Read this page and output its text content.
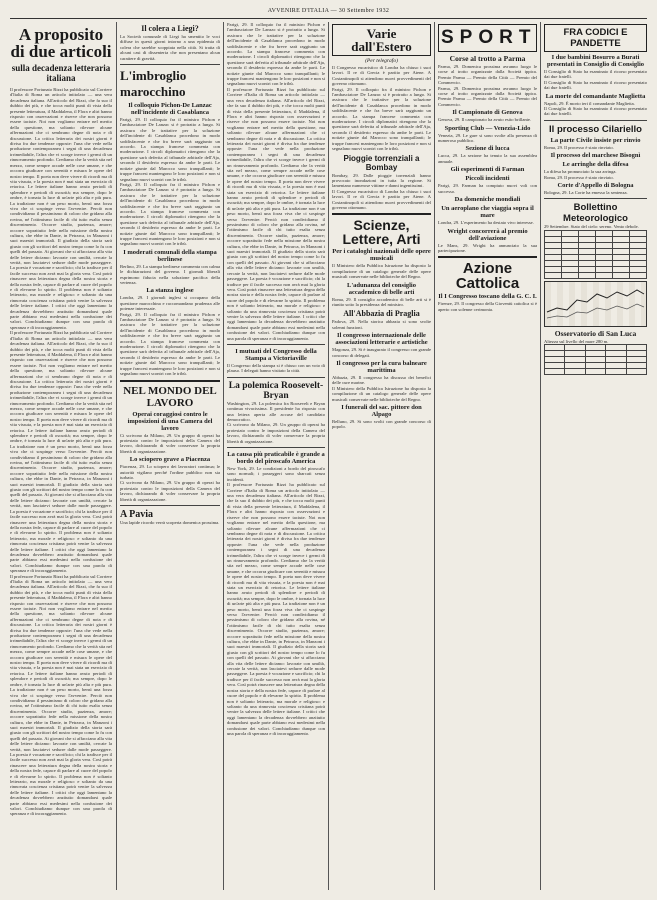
AVVENIRE D'ITALIA — 30 Settembre 1932
A proposito di due articoli
sulla decadenza letteraria italiana

Il professore Fortunato Rizzi ha pubblicato sul Corriere d'Italia di Roma un articolo intitolato — una vera decadenza italiana. All'articolo del Rizzi, che fa suo il dubbio dei più, e che tocca molti punti di vista della presente letteratura, il Maddalena, il Flora e altri hanno risposto con osservazioni e riserve che non possono essere taciute. Noi non vogliamo entrare nel merito della questione, ma soltanto rilevare alcune affermazioni che ci sembrano degne di nota e di discussione. La critica letteraria dei nostri giorni è divisa fra due tendenze opposte: l'una che vede nella produzione contemporanea i segni di una decadenza irrimediabile, l'altra che vi scorge invece i germi di un rinnovamento profondo. Crediamo che la verità stia nel mezzo, come sempre accade nelle cose umane, e che occorra giudicare con serenità e misura le opere del nostro tempo. Il poeta non deve vivere di ricordi ma di vita vissuta, e la poesia non è mai stata un esercizio di retorica. Le lettere italiane hanno avuto periodi di splendore e periodi di oscurità; ma sempre, dopo le ombre, è tornata la luce di un'arte più alta e più pura. La tradizione non è un peso morto, bensì una forza viva che ci sospinge verso l'avvenire. Perciò non condividiamo il pessimismo di coloro che gridano alla rovina, né l'ottimismo facile di chi tutto esalta senza discernimento. Occorre studio, pazienza, amore; occorre soprattutto fede nella missione della nostra cultura, che ebbe in Dante, in Petrarca, in Manzoni i suoi maestri immortali. Il giudizio della storia sarà giusto con gli scrittori del nostro tempo come lo fu con quelli del passato. Ai giovani che si affacciano alla vita delle lettere diciamo: lavorate con umiltà, cercate la verità, non lasciatevi sedurre dalle mode passeggere. La poesia è vocazione e sacrificio; chi la tradisce per il facile successo non avrà mai la gloria vera. Così potrà rinascere una letteratura degna della nostra storia e della nostra fede, capace di parlare al cuore del popolo e di elevarne lo spirito. Il problema non è soltanto letterario, ma morale e religioso: e soltanto da una rinnovata coscienza cristiana potrà venire la salvezza delle lettere italiane. I critici che oggi lamentano la decadenza dovrebbero anzitutto domandarsi quale parte abbiano essi medesimi nella confusione dei valori. Conchiudiamo dunque con una parola di speranza e di incoraggiamento.

Il professore Fortunato Rizzi ha pubblicato sul Corriere d'Italia di Roma un articolo intitolato — una vera decadenza italiana. All'articolo del Rizzi, che fa suo il dubbio dei più, e che tocca molti punti di vista della presente letteratura, il Maddalena, il Flora e altri hanno risposto con osservazioni e riserve che non possono essere taciute. Noi non vogliamo entrare nel merito della questione, ma soltanto rilevare alcune affermazioni che ci sembrano degne di nota e di discussione. La critica letteraria dei nostri giorni è divisa fra due tendenze opposte: l'una che vede nella produzione contemporanea i segni di una decadenza irrimediabile, l'altra che vi scorge invece i germi di un rinnovamento profondo. Crediamo che la verità stia nel mezzo, come sempre accade nelle cose umane, e che occorra giudicare con serenità e misura le opere del nostro tempo. Il poeta non deve vivere di ricordi ma di vita vissuta, e la poesia non è mai stata un esercizio di retorica. Le lettere italiane hanno avuto periodi di splendore e periodi di oscurità; ma sempre, dopo le ombre, è tornata la luce di un'arte più alta e più pura. La tradizione non è un peso morto, bensì una forza viva che ci sospinge verso l'avvenire. Perciò non condividiamo il pessimismo di coloro che gridano alla rovina, né l'ottimismo facile di chi tutto esalta senza discernimento. Occorre studio, pazienza, amore; occorre soprattutto fede nella missione della nostra cultura, che ebbe in Dante, in Petrarca, in Manzoni i suoi maestri immortali. Il giudizio della storia sarà giusto con gli scrittori del nostro tempo come lo fu con quelli del passato. Ai giovani che si affacciano alla vita delle lettere diciamo: lavorate con umiltà, cercate la verità, non lasciatevi sedurre dalle mode passeggere. La poesia è vocazione e sacrificio; chi la tradisce per il facile successo non avrà mai la gloria vera. Così potrà rinascere una letteratura degna della nostra storia e della nostra fede, capace di parlare al cuore del popolo e di elevarne lo spirito. Il problema non è soltanto letterario, ma morale e religioso: e soltanto da una rinnovata coscienza cristiana potrà venire la salvezza delle lettere italiane. I critici che oggi lamentano la decadenza dovrebbero anzitutto domandarsi quale parte abbiano essi medesimi nella confusione dei valori. Conchiudiamo dunque con una parola di speranza e di incoraggiamento.

Il professore Fortunato Rizzi ha pubblicato sul Corriere d'Italia di Roma un articolo intitolato — una vera decadenza italiana. All'articolo del Rizzi, che fa suo il dubbio dei più, e che tocca molti punti di vista della presente letteratura, il Maddalena, il Flora e altri hanno risposto con osservazioni e riserve che non possono essere taciute. Noi non vogliamo entrare nel merito della questione, ma soltanto rilevare alcune affermazioni che ci sembrano degne di nota e di discussione. La critica letteraria dei nostri giorni è divisa fra due tendenze opposte: l'una che vede nella produzione contemporanea i segni di una decadenza irrimediabile, l'altra che vi scorge invece i germi di un rinnovamento profondo. Crediamo che la verità stia nel mezzo, come sempre accade nelle cose umane, e che occorra giudicare con serenità e misura le opere del nostro tempo. Il poeta non deve vivere di ricordi ma di vita vissuta, e la poesia non è mai stata un esercizio di retorica. Le lettere italiane hanno avuto periodi di splendore e periodi di oscurità; ma sempre, dopo le ombre, è tornata la luce di un'arte più alta e più pura. La tradizione non è un peso morto, bensì una forza viva che ci sospinge verso l'avvenire. Perciò non condividiamo il pessimismo di coloro che gridano alla rovina, né l'ottimismo facile di chi tutto esalta senza discernimento. Occorre studio, pazienza, amore; occorre soprattutto fede nella missione della nostra cultura, che ebbe in Dante, in Petrarca, in Manzoni i suoi maestri immortali. Il giudizio della storia sarà giusto con gli scrittori del nostro tempo come lo fu con quelli del passato. Ai giovani che si affacciano alla vita delle lettere diciamo: lavorate con umiltà, cercate la verità, non lasciatevi sedurre dalle mode passeggere. La poesia è vocazione e sacrificio; chi la tradisce per il facile successo non avrà mai la gloria vera. Così potrà rinascere una letteratura degna della nostra storia e della nostra fede, capace di parlare al cuore del popolo e di elevarne lo spirito. Il problema non è soltanto letterario, ma morale e religioso: e soltanto da una rinnovata coscienza cristiana potrà venire la salvezza delle lettere italiane. I critici che oggi lamentano la decadenza dovrebbero anzitutto domandarsi quale parte abbiano essi medesimi nella confusione dei valori. Conchiudiamo dunque con una parola di speranza e di incoraggiamento.

Il colera a Liegi?

La Società comunale di Liegi ha smentito le voci diffuse in questi giorni intorno a una epidemia di colera che sarebbe scoppiata nella città. Si tratta di alcuni casi di dissenteria che non presentano alcun carattere di gravità.

L'imbroglio marocchino
Il colloquio Pichon-De Lanzac nell'incidente di Casablanca

Parigi, 29. Il colloquio fra il ministro Pichon e l'ambasciatore De Lanzac si è protratto a lungo. Si assicura che le trattative per la soluzione dell'incidente di Casablanca procedono in modo soddisfacente e che fra breve sarà raggiunto un accordo. La stampa francese commenta con moderazione. I circoli diplomatici ritengono che la questione sarà deferita al tribunale arbitrale dell'Aja, secondo il desiderio espresso da ambe le parti. Le notizie giunte dal Marocco sono tranquillanti; le truppe francesi mantengono le loro posizioni e non si segnalano nuovi scontri con le tribù.

Parigi, 29. Il colloquio fra il ministro Pichon e l'ambasciatore De Lanzac si è protratto a lungo. Si assicura che le trattative per la soluzione dell'incidente di Casablanca procedono in modo soddisfacente e che fra breve sarà raggiunto un accordo. La stampa francese commenta con moderazione. I circoli diplomatici ritengono che la questione sarà deferita al tribunale arbitrale dell'Aja, secondo il desiderio espresso da ambe le parti. Le notizie giunte dal Marocco sono tranquillanti; le truppe francesi mantengono le loro posizioni e non si segnalano nuovi scontri con le tribù.

I moderati comunali della stampa berlinese

Berlino, 29. La stampa berlinese commenta con calma le dichiarazioni del governo. I giornali liberali esprimono fiducia nella soluzione pacifica della vertenza.

La stanza inglese

Londra, 29. I giornali inglesi si occupano della questione marocchina e raccomandano prudenza alle potenze interessate.

Parigi, 29. Il colloquio fra il ministro Pichon e l'ambasciatore De Lanzac si è protratto a lungo. Si assicura che le trattative per la soluzione dell'incidente di Casablanca procedono in modo soddisfacente e che fra breve sarà raggiunto un accordo. La stampa francese commenta con moderazione. I circoli diplomatici ritengono che la questione sarà deferita al tribunale arbitrale dell'Aja, secondo il desiderio espresso da ambe le parti. Le notizie giunte dal Marocco sono tranquillanti; le truppe francesi mantengono le loro posizioni e non si segnalano nuovi scontri con le tribù.

NEL MONDO DEL LAVORO
Operai coraggiosi contro le imposizioni di una Camera del lavoro

Ci scrivono da Milano, 29. Un gruppo di operai ha protestato contro le imposizioni della Camera del lavoro, dichiarando di voler conservare la propria libertà di organizzazione.

Lo sciopero grave a Piacenza

Piacenza, 29. Lo sciopero dei lavoratori continua; le autorità vigilano perché l'ordine pubblico non sia turbato.

Ci scrivono da Milano, 29. Un gruppo di operai ha protestato contro le imposizioni della Camera del lavoro, dichiarando di voler conservare la propria libertà di organizzazione.

A Pavia

Una lapide ricordo verrà scoperta domenica prossima.

Parigi, 29. Il colloquio fra il ministro Pichon e l'ambasciatore De Lanzac si è protratto a lungo. Si assicura che le trattative per la soluzione dell'incidente di Casablanca procedono in modo soddisfacente e che fra breve sarà raggiunto un accordo. La stampa francese commenta con moderazione. I circoli diplomatici ritengono che la questione sarà deferita al tribunale arbitrale dell'Aja, secondo il desiderio espresso da ambe le parti. Le notizie giunte dal Marocco sono tranquillanti; le truppe francesi mantengono le loro posizioni e non si segnalano nuovi scontri con le tribù.

Il professore Fortunato Rizzi ha pubblicato sul Corriere d'Italia di Roma un articolo intitolato — una vera decadenza italiana. All'articolo del Rizzi, che fa suo il dubbio dei più, e che tocca molti punti di vista della presente letteratura, il Maddalena, il Flora e altri hanno risposto con osservazioni e riserve che non possono essere taciute. Noi non vogliamo entrare nel merito della questione, ma soltanto rilevare alcune affermazioni che ci sembrano degne di nota e di discussione. La critica letteraria dei nostri giorni è divisa fra due tendenze opposte: l'una che vede nella produzione contemporanea i segni di una decadenza irrimediabile, l'altra che vi scorge invece i germi di un rinnovamento profondo. Crediamo che la verità stia nel mezzo, come sempre accade nelle cose umane, e che occorra giudicare con serenità e misura le opere del nostro tempo. Il poeta non deve vivere di ricordi ma di vita vissuta, e la poesia non è mai stata un esercizio di retorica. Le lettere italiane hanno avuto periodi di splendore e periodi di oscurità; ma sempre, dopo le ombre, è tornata la luce di un'arte più alta e più pura. La tradizione non è un peso morto, bensì una forza viva che ci sospinge verso l'avvenire. Perciò non condividiamo il pessimismo di coloro che gridano alla rovina, né l'ottimismo facile di chi tutto esalta senza discernimento. Occorre studio, pazienza, amore; occorre soprattutto fede nella missione della nostra cultura, che ebbe in Dante, in Petrarca, in Manzoni i suoi maestri immortali. Il giudizio della storia sarà giusto con gli scrittori del nostro tempo come lo fu con quelli del passato. Ai giovani che si affacciano alla vita delle lettere diciamo: lavorate con umiltà, cercate la verità, non lasciatevi sedurre dalle mode passeggere. La poesia è vocazione e sacrificio; chi la tradisce per il facile successo non avrà mai la gloria vera. Così potrà rinascere una letteratura degna della nostra storia e della nostra fede, capace di parlare al cuore del popolo e di elevarne lo spirito. Il problema non è soltanto letterario, ma morale e religioso: e soltanto da una rinnovata coscienza cristiana potrà venire la salvezza delle lettere italiane. I critici che oggi lamentano la decadenza dovrebbero anzitutto domandarsi quale parte abbiano essi medesimi nella confusione dei valori. Conchiudiamo dunque con una parola di speranza e di incoraggiamento.

I mutuati del Congresso della Stampa a Victoriaville

Il Congresso della stampa si è chiuso con un voto di plauso. I delegati hanno visitato la città.

La polemica Roosevelt-Bryan

Washington, 29. La polemica fra Roosevelt e Bryan continua vivacissima. Il presidente ha risposto con una lettera aperta alle accuse del candidato democratico.

Ci scrivono da Milano, 29. Un gruppo di operai ha protestato contro le imposizioni della Camera del lavoro, dichiarando di voler conservare la propria libertà di organizzazione.

La causa più praticabile è grande a bordo del piroscafo America

New York, 29. Le condizioni a bordo del piroscafo sono normali; i passeggeri sono sbarcati senza incidenti.

Il professore Fortunato Rizzi ha pubblicato sul Corriere d'Italia di Roma un articolo intitolato — una vera decadenza italiana. All'articolo del Rizzi, che fa suo il dubbio dei più, e che tocca molti punti di vista della presente letteratura, il Maddalena, il Flora e altri hanno risposto con osservazioni e riserve che non possono essere taciute. Noi non vogliamo entrare nel merito della questione, ma soltanto rilevare alcune affermazioni che ci sembrano degne di nota e di discussione. La critica letteraria dei nostri giorni è divisa fra due tendenze opposte: l'una che vede nella produzione contemporanea i segni di una decadenza irrimediabile, l'altra che vi scorge invece i germi di un rinnovamento profondo. Crediamo che la verità stia nel mezzo, come sempre accade nelle cose umane, e che occorra giudicare con serenità e misura le opere del nostro tempo. Il poeta non deve vivere di ricordi ma di vita vissuta, e la poesia non è mai stata un esercizio di retorica. Le lettere italiane hanno avuto periodi di splendore e periodi di oscurità; ma sempre, dopo le ombre, è tornata la luce di un'arte più alta e più pura. La tradizione non è un peso morto, bensì una forza viva che ci sospinge verso l'avvenire. Perciò non condividiamo il pessimismo di coloro che gridano alla rovina, né l'ottimismo facile di chi tutto esalta senza discernimento. Occorre studio, pazienza, amore; occorre soprattutto fede nella missione della nostra cultura, che ebbe in Dante, in Petrarca, in Manzoni i suoi maestri immortali. Il giudizio della storia sarà giusto con gli scrittori del nostro tempo come lo fu con quelli del passato. Ai giovani che si affacciano alla vita delle lettere diciamo: lavorate con umiltà, cercate la verità, non lasciatevi sedurre dalle mode passeggere. La poesia è vocazione e sacrificio; chi la tradisce per il facile successo non avrà mai la gloria vera. Così potrà rinascere una letteratura degna della nostra storia e della nostra fede, capace di parlare al cuore del popolo e di elevarne lo spirito. Il problema non è soltanto letterario, ma morale e religioso: e soltanto da una rinnovata coscienza cristiana potrà venire la salvezza delle lettere italiane. I critici che oggi lamentano la decadenza dovrebbero anzitutto domandarsi quale parte abbiano essi medesimi nella confusione dei valori. Conchiudiamo dunque con una parola di speranza e di incoraggiamento.

Varie dall'Estero

(Per telegrafo)

Il Congresso eucaristico di Londra ha chiuso i suoi lavori. Il re di Grecia è partito per Atene. A Costantinopoli si attendono nuovi provvedimenti del governo ottomano.

Parigi, 29. Il colloquio fra il ministro Pichon e l'ambasciatore De Lanzac si è protratto a lungo. Si assicura che le trattative per la soluzione dell'incidente di Casablanca procedono in modo soddisfacente e che fra breve sarà raggiunto un accordo. La stampa francese commenta con moderazione. I circoli diplomatici ritengono che la questione sarà deferita al tribunale arbitrale dell'Aja, secondo il desiderio espresso da ambe le parti. Le notizie giunte dal Marocco sono tranquillanti; le truppe francesi mantengono le loro posizioni e non si segnalano nuovi scontri con le tribù.

Pioggie torrenziali a Bombay

Bombay, 29. Dalle pioggie torrenziali hanno provocato inondazioni in tutta la regione. Si lamentano numerose vittime e danni ingentissimi.

Il Congresso eucaristico di Londra ha chiuso i suoi lavori. Il re di Grecia è partito per Atene. A Costantinopoli si attendono nuovi provvedimenti del governo ottomano.

Scienze, Lettere, Arti
Per i cataloghi nazionali delle opere musicali

Il Ministero della Pubblica Istruzione ha disposto la compilazione di un catalogo generale delle opere musicali conservate nelle biblioteche del Regno.

L'adunanza del consiglio accademico di belle arti

Roma, 29. Il consiglio accademico di belle arti si è riunito sotto la presidenza del ministro.

All'Abbazia di Praglia

Padova, 29. Nella storica abbazia si sono svolte solenni funzioni.

Il congresso internazionale delle associazioni letterarie e artistiche

Magonza, 29. Si è inaugurato il congresso con grande concorso di delegati.

Il congresso per la cura balneare marittima

Abbazia, 29. Il congresso ha discusso dei benefici delle cure marine.

Il Ministero della Pubblica Istruzione ha disposto la compilazione di un catalogo generale delle opere musicali conservate nelle biblioteche del Regno.

I funerali del sac. pittore don Alpago

Belluno, 29. Si sono svolti con grande concorso di popolo.

SPORT
Corse al trotto a Parma

Parma, 29. Domenica prossima avranno luogo le corse al trotto organizzate dalla Società ippica. Premio Parma — Premio della Città — Premio del Commercio.

Parma, 29. Domenica prossima avranno luogo le corse al trotto organizzate dalla Società ippica. Premio Parma — Premio della Città — Premio del Commercio.

Il Campionato di Genova

Genova, 29. Il campionato ha avuto esito brillante.

Sporting Club — Venezia-Lido

Venezia, 29. Le gare si sono svolte alla presenza di numeroso pubblico.

Sezione di lucca

Lucca, 29. La sezione ha tenuto la sua assemblea annuale.

Gli esperimenti di Farman
Piccoli incidenti

Parigi, 29. Farman ha compiuto nuovi voli con successo.

Da domeniche mondiali
Un aeroplano che viaggia sopra il mare

Londra, 29. L'esperimento ha destato vivo interesse.

Wright concorrerà al premio dell'aviazione

Le Mans, 29. Wright ha annunciato la sua partecipazione.

Azione Cattolica
Il I Congresso toscano della G. C. I.

Firenze, 29. Il congresso della Gioventù cattolica si è aperto con solenne cerimonia.

FRA CODICI E PANDETTE
I due bambini Bosurro a Burati presentati in Consiglio di Consiglio

Il Consiglio di Stato ha esaminato il ricorso presentato dai due fratelli.

Il Consiglio di Stato ha esaminato il ricorso presentato dai due fratelli.

La morte del comandante Maglietta

Napoli, 29. È morto ieri il comandante Maglietta.

Il Consiglio di Stato ha esaminato il ricorso presentato dai due fratelli.

Il processo Cilariello
La parte Civile insiste per rinvio

Roma, 29. Il processo è stato rinviato.

Il processo del marchese Bisognì
Le arringhe della difesa

La difesa ha pronunciato la sua arringa.

Roma, 29. Il processo è stato rinviato.

Corte d'Appello di Bologna

Bologna, 29. La Corte ha emesso la sentenza.

Bollettino Meteorologico

29 Settembre. Stato del cielo: sereno. Vento debole.

Osservatorio di San Luca

Altezza sul livello del mare 280 m.
